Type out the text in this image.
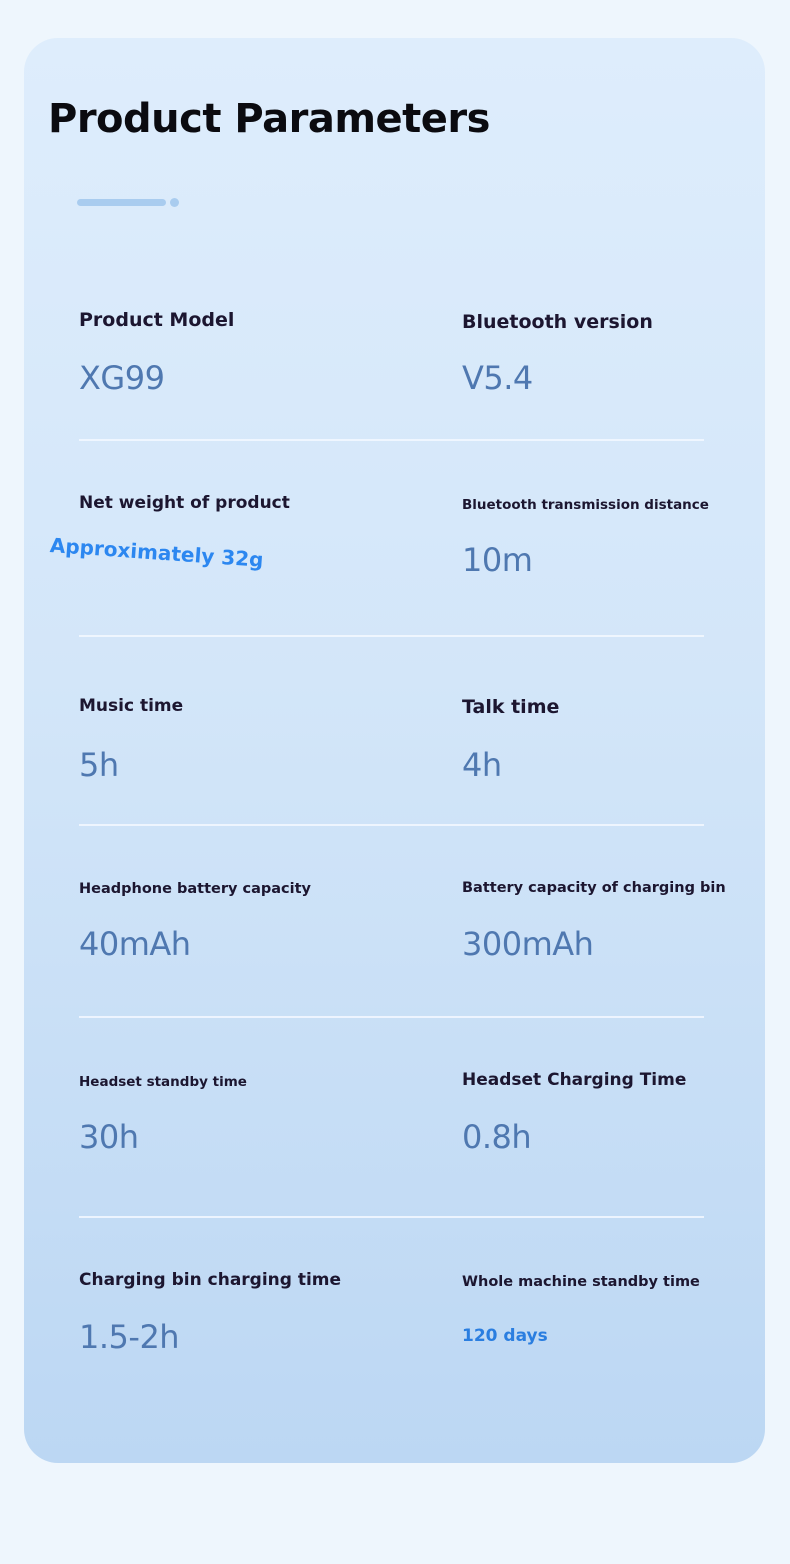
Product Parameters
Product Model
XG99
Bluetooth version
V5.4
Net weight of product
Approximately 32g
Bluetooth transmission distance
10m
Music time
5h
Talk time
4h
Headphone battery capacity
40mAh
Battery capacity of charging bin
300mAh
Headset standby time
30h
Headset Charging Time
0.8h
Charging bin charging time
1.5-2h
Whole machine standby time
120 days
